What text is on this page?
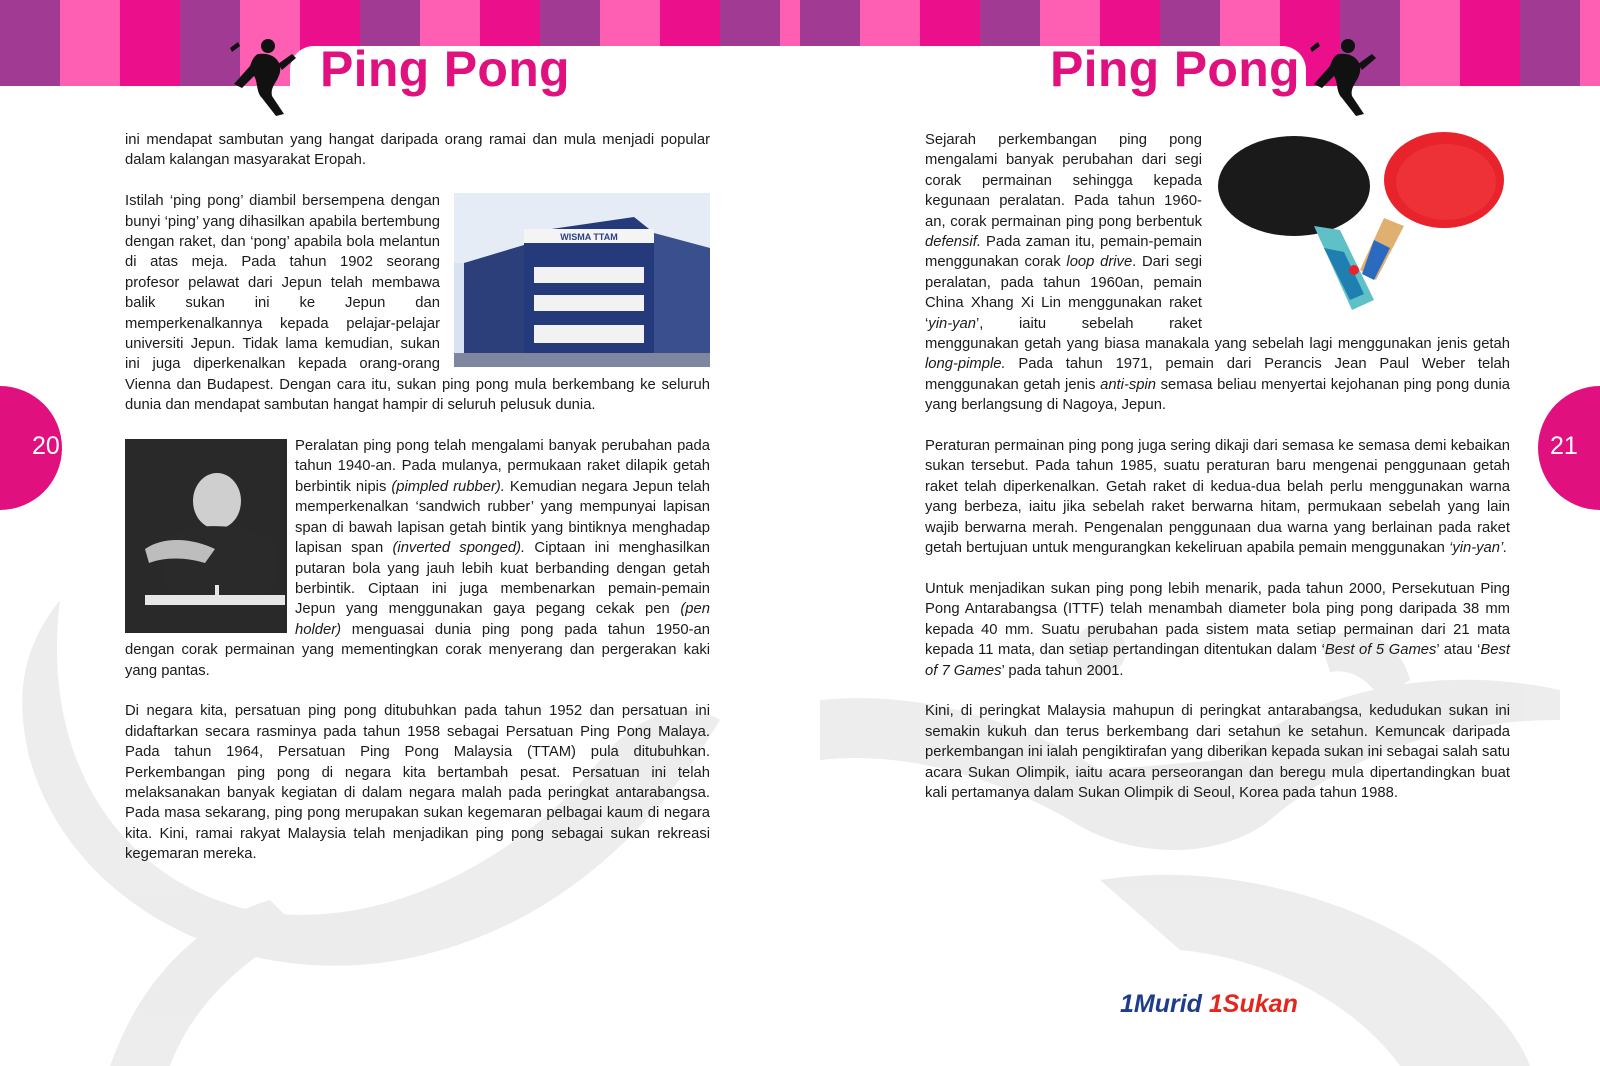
Ping Pong
20

ini mendapat sambutan yang hangat daripada orang ramai dan mula menjadi popular dalam kalangan masyarakat Eropah.

WISMA TTAM

Istilah ‘ping pong’ diambil bersempena dengan bunyi ‘ping’ yang dihasilkan apabila bertembung dengan raket, dan ‘pong’ apabila bola melantun di atas meja. Pada tahun 1902 seorang profesor pelawat dari Jepun telah membawa balik sukan ini ke Jepun dan memperkenalkannya kepada pelajar-pelajar universiti Jepun. Tidak lama kemudian, sukan ini juga diperkenalkan kepada orang-orang Vienna dan Budapest. Dengan cara itu, sukan ping pong mula berkembang ke seluruh dunia dan mendapat sambutan hangat hampir di seluruh pelusuk dunia.

Peralatan ping pong telah mengalami banyak perubahan pada tahun 1940-an. Pada mulanya, permukaan raket dilapik getah berbintik nipis (pimpled rubber). Kemudian negara Jepun telah memperkenalkan ‘sandwich rubber’ yang mempunyai lapisan span di bawah lapisan getah bintik yang bintiknya menghadap lapisan span (inverted sponged). Ciptaan ini menghasilkan putaran bola yang jauh lebih kuat berbanding dengan getah berbintik. Ciptaan ini juga membenarkan pemain-pemain Jepun yang menggunakan gaya pegang cekak pen (pen holder) menguasai dunia ping pong pada tahun 1950-an dengan corak permainan yang mementingkan corak menyerang dan pergerakan kaki yang pantas.

Di negara kita, persatuan ping pong ditubuhkan pada tahun 1952 dan persatuan ini didaftarkan secara rasminya pada tahun 1958 sebagai Persatuan Ping Pong Malaya. Pada tahun 1964, Persatuan Ping Pong Malaysia (TTAM) pula ditubuhkan. Perkembangan ping pong di negara kita bertambah pesat. Persatuan ini telah melaksanakan banyak kegiatan di dalam negara malah pada peringkat antarabangsa. Pada masa sekarang, ping pong merupakan sukan kegemaran pelbagai kaum di negara kita. Kini, ramai rakyat Malaysia telah menjadikan ping pong sebagai sukan rekreasi kegemaran mereka.

Ping Pong
21

Sejarah perkembangan ping pong mengalami banyak perubahan dari segi corak permainan sehingga kepada kegunaan peralatan. Pada tahun 1960-an, corak permainan ping pong berbentuk defensif. Pada zaman itu, pemain-pemain menggunakan corak loop drive. Dari segi peralatan, pada tahun 1960an, pemain China Xhang Xi Lin menggunakan raket ‘yin-yan’, iaitu sebelah raket menggunakan getah yang biasa manakala yang sebelah lagi menggunakan jenis getah long-pimple. Pada tahun 1971, pemain dari Perancis Jean Paul Weber telah menggunakan getah jenis anti-spin semasa beliau menyertai kejohanan ping pong dunia yang berlangsung di Nagoya, Jepun.

Peraturan permainan ping pong juga sering dikaji dari semasa ke semasa demi kebaikan sukan tersebut. Pada tahun 1985, suatu peraturan baru mengenai penggunaan getah raket telah diperkenalkan. Getah raket di kedua-dua belah perlu menggunakan warna yang berbeza, iaitu jika sebelah raket berwarna hitam, permukaan sebelah yang lain wajib berwarna merah. Pengenalan penggunaan dua warna yang berlainan pada raket getah bertujuan untuk mengurangkan kekeliruan apabila pemain menggunakan ‘yin-yan’.

Untuk menjadikan sukan ping pong lebih menarik, pada tahun 2000, Persekutuan Ping Pong Antarabangsa (ITTF) telah menambah diameter bola ping pong daripada 38 mm kepada 40 mm. Suatu perubahan pada sistem mata setiap permainan dari 21 mata kepada 11 mata, dan setiap pertandingan ditentukan dalam ‘Best of 5 Games’ atau ‘Best of 7 Games’ pada tahun 2001.

Kini, di peringkat Malaysia mahupun di peringkat antarabangsa, kedudukan sukan ini semakin kukuh dan terus berkembang dari setahun ke setahun. Kemuncak daripada perkembangan ini ialah pengiktirafan yang diberikan kepada sukan ini sebagai salah satu acara Sukan Olimpik, iaitu acara perseorangan dan beregu mula dipertandingkan buat kali pertamanya dalam Sukan Olimpik di Seoul, Korea pada tahun 1988.

1Murid 1Sukan
